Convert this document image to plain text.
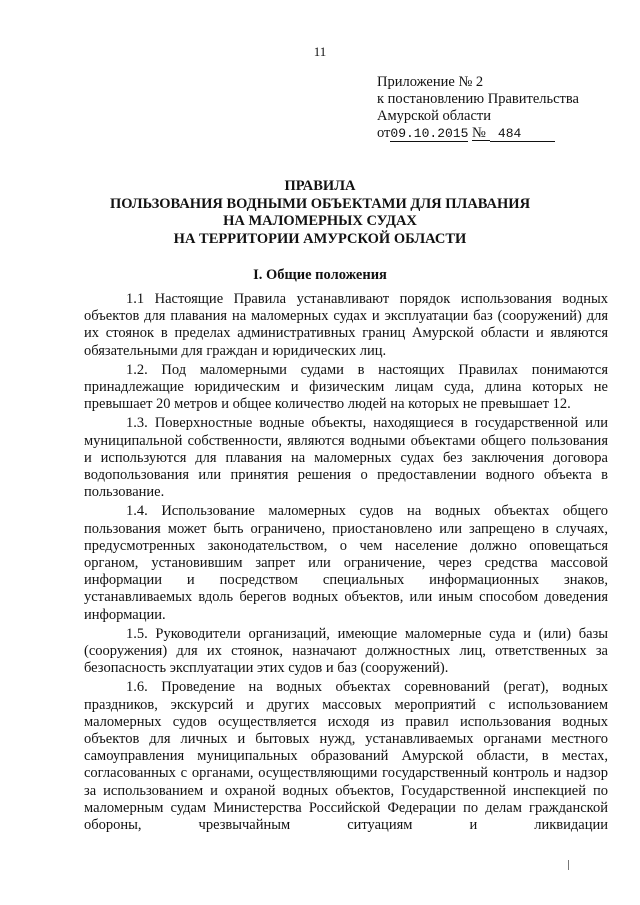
11
Приложение № 2
к постановлению Правительства
Амурской области
от09.10.2015 № 484
ПРАВИЛА
ПОЛЬЗОВАНИЯ ВОДНЫМИ ОБЪЕКТАМИ ДЛЯ ПЛАВАНИЯ
НА МАЛОМЕРНЫХ СУДАХ
НА ТЕРРИТОРИИ АМУРСКОЙ ОБЛАСТИ
I. Общие положения

1.1 Настоящие Правила устанавливают порядок использования водных объектов для плавания на маломерных судах и эксплуатации баз (сооружений) для их стоянок в пределах административных границ Амурской области и являются обязательными для граждан и юридических лиц.

1.2. Под маломерными судами в настоящих Правилах понимаются принадлежащие юридическим и физическим лицам суда, длина которых не превышает 20 метров и общее количество людей на которых не превышает 12.

1.3. Поверхностные водные объекты, находящиеся в государственной или муниципальной собственности, являются водными объектами общего пользования и используются для плавания на маломерных судах без заключения договора водопользования или принятия решения о предоставлении водного объекта в пользование.

1.4. Использование маломерных судов на водных объектах общего пользования может быть ограничено, приостановлено или запрещено в случаях, предусмотренных законодательством, о чем население должно оповещаться органом, установившим запрет или ограничение, через средства массовой информации и посредством специальных информационных знаков, устанавливаемых вдоль берегов водных объектов, или иным способом доведения информации.

1.5. Руководители организаций, имеющие маломерные суда и (или) базы (сооружения) для их стоянок, назначают должностных лиц, ответственных за безопасность эксплуатации этих судов и баз (сооружений).

1.6. Проведение на водных объектах соревнований (регат), водных праздников, экскурсий и других массовых мероприятий с использованием маломерных судов осуществляется исходя из правил использования водных объектов для личных и бытовых нужд, устанавливаемых органами местного самоуправления муниципальных образований Амурской области, в местах, согласованных с органами, осуществляющими государственный контроль и надзор за использованием и охраной водных объектов, Государственной инспекцией по маломерным судам Министерства Российской Федерации по делам гражданской обороны, чрезвычайным ситуациям и ликвидации
